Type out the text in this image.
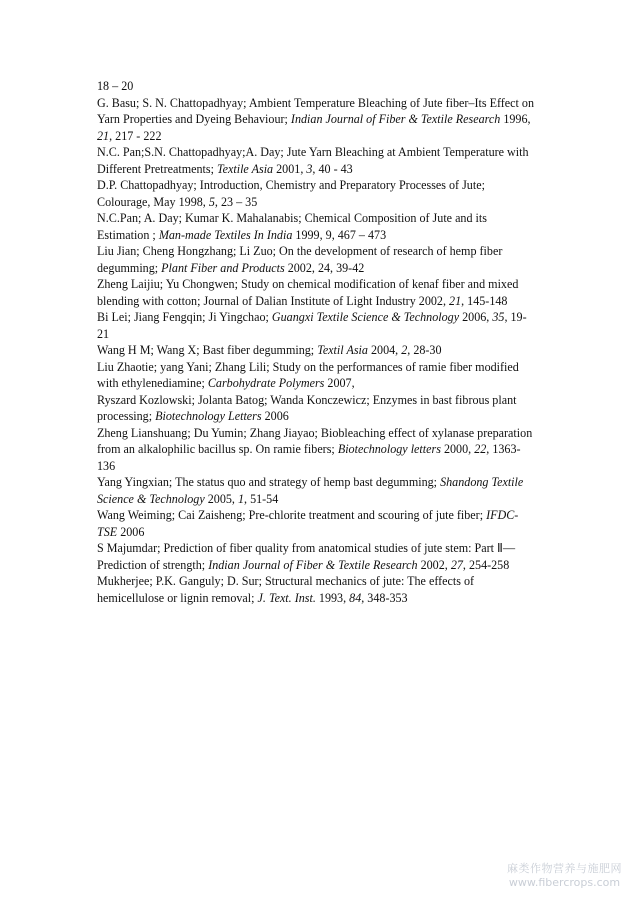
18 – 20

G. Basu; S. N. Chattopadhyay; Ambient Temperature Bleaching of Jute fiber–Its Effect on Yarn Properties and Dyeing Behaviour; Indian Journal of Fiber & Textile Research 1996, 21, 217 - 222

N.C. Pan;S.N. Chattopadhyay;A. Day; Jute Yarn Bleaching at Ambient Temperature with Different Pretreatments; Textile Asia 2001, 3, 40 - 43

D.P. Chattopadhyay; Introduction, Chemistry and Preparatory Processes of Jute; Colourage, May 1998, 5, 23 – 35

N.C.Pan; A. Day; Kumar K. Mahalanabis; Chemical Composition of Jute and its Estimation ; Man-made Textiles In India 1999, 9, 467 – 473

Liu Jian; Cheng Hongzhang; Li Zuo; On the development of research of hemp fiber degumming; Plant Fiber and Products 2002, 24, 39-42

Zheng Laijiu; Yu Chongwen; Study on chemical modification of kenaf fiber and mixed blending with cotton; Journal of Dalian Institute of Light Industry 2002, 21, 145-148

Bi Lei; Jiang Fengqin; Ji Yingchao; Guangxi Textile Science & Technology 2006, 35, 19-21

Wang H M; Wang X; Bast fiber degumming; Textil Asia 2004, 2, 28-30

Liu Zhaotie; yang Yani; Zhang Lili; Study on the performances of ramie fiber modified with ethylenediamine; Carbohydrate Polymers 2007,

Ryszard Kozlowski; Jolanta Batog; Wanda Konczewicz; Enzymes in bast fibrous plant processing; Biotechnology Letters 2006

Zheng Lianshuang; Du Yumin; Zhang Jiayao; Biobleaching effect of xylanase preparation from an alkalophilic bacillus sp. On ramie fibers; Biotechnology letters 2000, 22, 1363-136

Yang Yingxian; The status quo and strategy of hemp bast degumming; Shandong Textile Science & Technology 2005, 1, 51-54

Wang Weiming; Cai Zaisheng; Pre-chlorite treatment and scouring of jute fiber; IFDC-TSE 2006

S Majumdar; Prediction of fiber quality from anatomical studies of jute stem: Part Ⅱ—Prediction of strength; Indian Journal of Fiber & Textile Research 2002, 27, 254-258

Mukherjee; P.K. Ganguly; D. Sur; Structural mechanics of jute: The effects of hemicellulose or lignin removal; J. Text. Inst. 1993, 84, 348-353

麻类作物营养与施肥网
www.fibercrops.com
